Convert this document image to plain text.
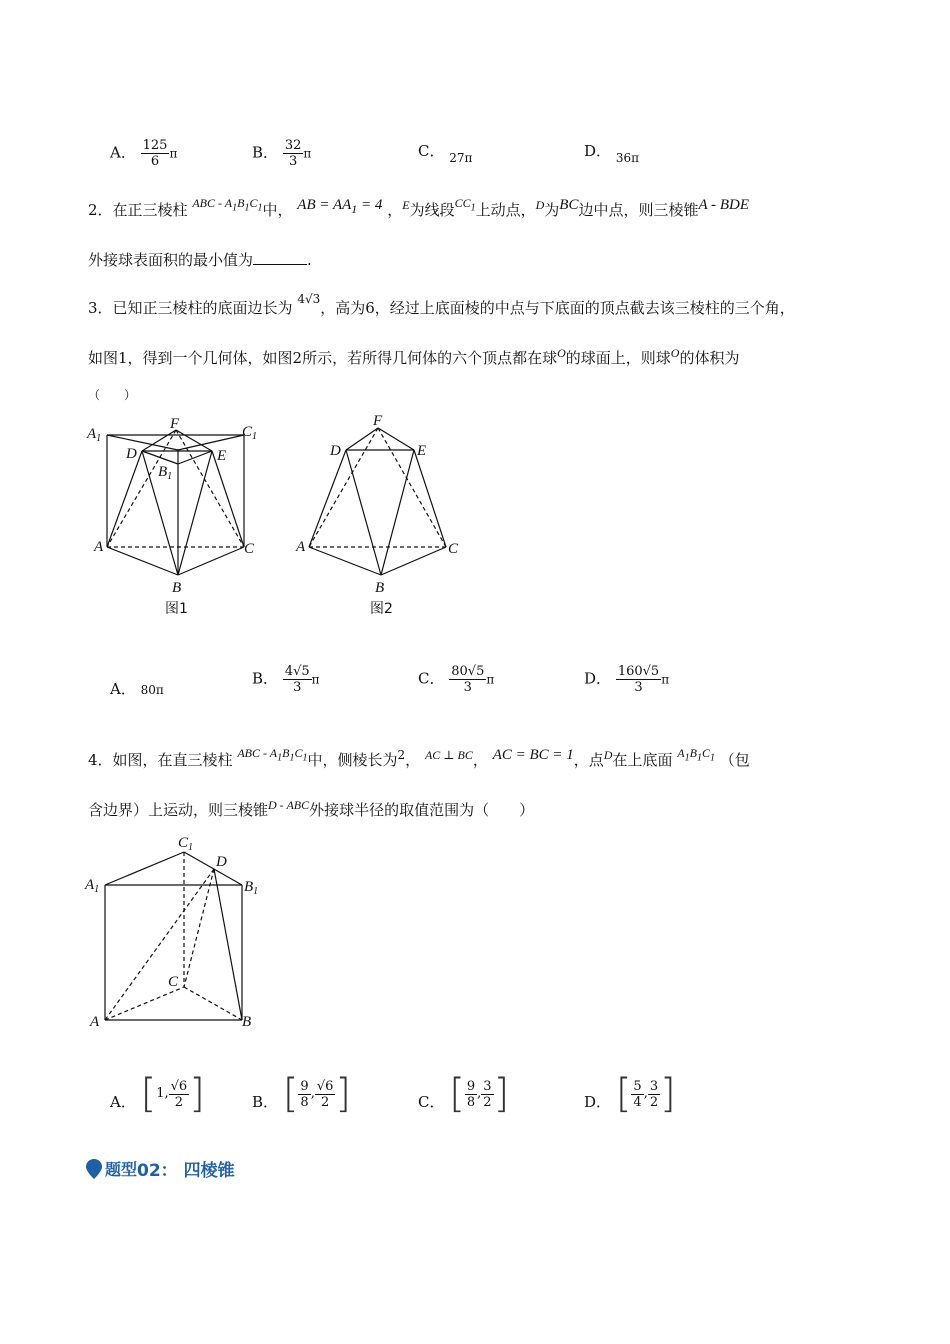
A． $\frac{125}{6}$ π	B． $\frac{32}{3}$ π	C． $_{27\pi}$	D． $_{36\pi}$
2．在正三棱柱 $^{ABC - A_1B_1C_1}$中， AB = $AA_1 = 4$ ，$^E$为线段$^{CC_1}$上动点，$^D$为BC边中点，则三棱锥A - BDE
外接球表面积的最小值为	.
3．已知正三棱柱的底面边长为 $^{4√3}$，高为6，经过上底面棱的中点与下底面的顶点截去该三棱柱的三个角，
如图1，得到一个几何体，如图2所示，若所得几何体的六个顶点都在球$^O$的球面上，则球$^O$的体积为
（　　）
$A_1$
F	$C_1$
D
$B_1$
E
A	C
B
F
D	E
A	C
B
图1	图2
A． 80π
B． $\frac{4√5}{3}$ π	C． $\frac{80√5}{3}$ π	D． $\frac{160√5}{3}$ π
4．如图，在直三棱柱 $^{ABC - A_1B_1C_1}$中，侧棱长为$^2$， $^{AC \perp BC}$， AC = BC = 1，点$^D$在上底面 $^{A_1B_1C_1}$ （包
含边界）上运动，则三棱锥$^{D - ABC}$外接球半径的取值范围为（　　）
$C_1$
D
$A_1$	$B_1$
C
A	B
A． [ 1, $\frac{√6}{2}$ ]	B． [ $\frac{9}{8}$ , $\frac{√6}{2}$ ]	C． [ $\frac{9}{8}$ , $\frac{3}{2}$ ]	D． [ $\frac{5}{4}$ , $\frac{3}{2}$ ]
题型 02： 四棱锥
